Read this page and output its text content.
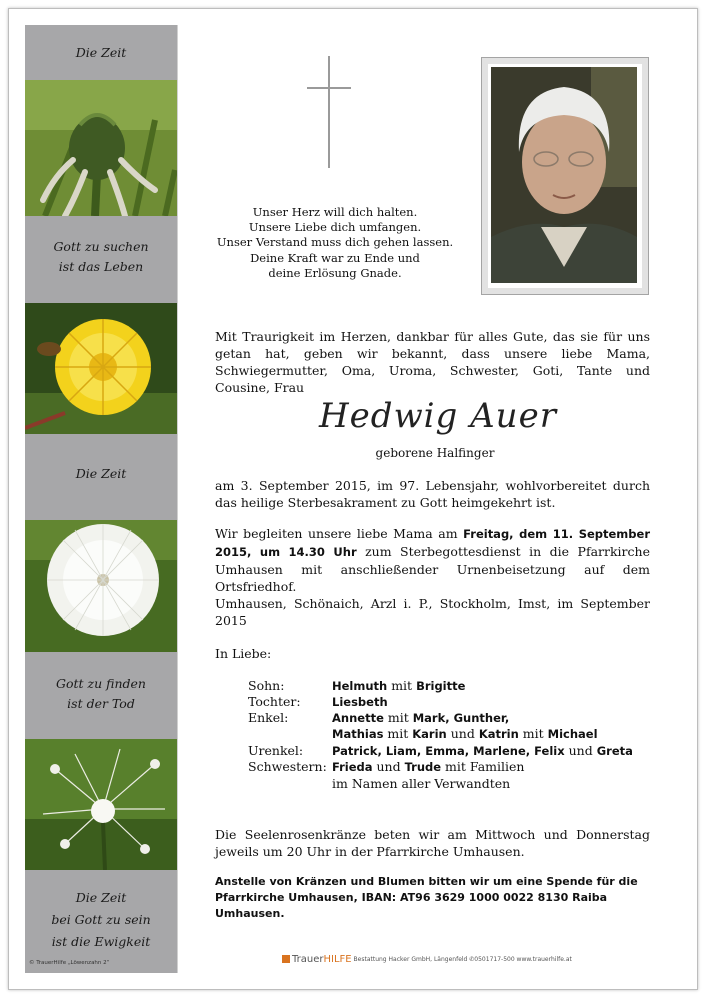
Die Zeit
Gott zu suchen
ist das Leben
Die Zeit
Gott zu finden
ist der Tod
Die Zeit
bei Gott zu sein
ist die Ewigkeit
© TrauerHilfe „Löwenzahn 2“
Unser Herz will dich halten.
Unsere Liebe dich umfangen.
Unser Verstand muss dich gehen lassen.
Deine Kraft war zu Ende und
deine Erlösung Gnade.
Mit Traurigkeit im Herzen, dankbar für alles Gute, das sie für uns getan hat, geben wir bekannt, dass unsere liebe Mama, Schwiegermutter, Oma, Uroma, Schwester, Goti, Tante und Cousine, Frau
Hedwig Auer
geborene Halfinger
am 3. September 2015, im 97. Lebensjahr, wohlvorbereitet durch das heilige Sterbesakrament zu Gott heimgekehrt ist.
Wir begleiten unsere liebe Mama am Freitag, dem 11. September 2015, um 14.30 Uhr zum Sterbegottesdienst in die Pfarrkirche Umhausen mit anschließender Urnenbeisetzung auf dem Ortsfriedhof.
Umhausen, Schönaich, Arzl i. P., Stockholm, Imst, im September 2015
In Liebe:
Sohn:	Helmuth mit Brigitte
Tochter:	Liesbeth
Enkel:	Annette mit Mark, Gunther,
Mathias mit Karin und Katrin mit Michael
Urenkel:	Patrick, Liam, Emma, Marlene, Felix und Greta
Schwestern: Frieda und Trude mit Familien
im Namen aller Verwandten
Die Seelenrosenkränze beten wir am Mittwoch und Donnerstag jeweils um 20 Uhr in der Pfarrkirche Umhausen.
Anstelle von Kränzen und Blumen bitten wir um eine Spende für die Pfarrkirche Umhausen, IBAN: AT96 3629 1000 0022 8130 Raiba Umhausen.
TrauerHILFE Bestattung Hacker GmbH, Längenfeld ✆0501717-500 www.trauerhilfe.at
